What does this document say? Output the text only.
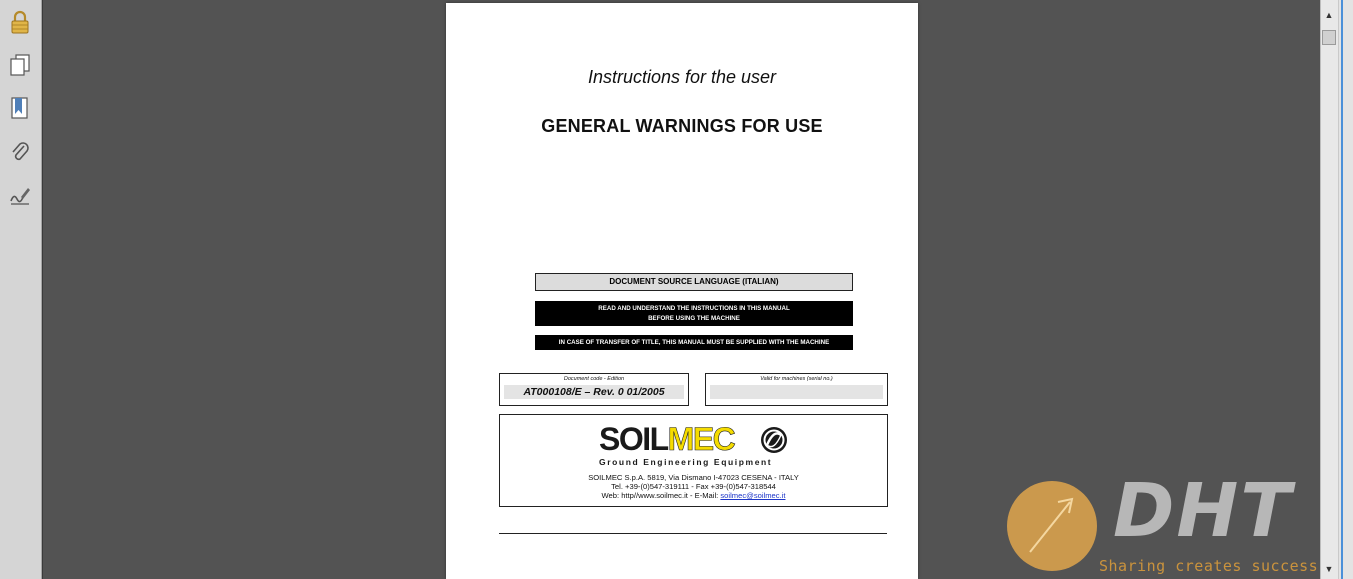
Instructions for the user
GENERAL WARNINGS FOR USE
DOCUMENT SOURCE LANGUAGE (ITALIAN)
READ AND UNDERSTAND THE INSTRUCTIONS IN THIS MANUAL
BEFORE USING THE MACHINE
IN CASE OF TRANSFER OF TITLE, THIS MANUAL MUST BE SUPPLIED WITH THE MACHINE
Document code - Edition
AT000108/E – Rev. 0 01/2005
Valid for machines (serial no.)
SOIL MEC
Ground Engineering Equipment
SOILMEC S.p.A. 5819, Via Dismano I-47023 CESENA - ITALY
Tel. +39-(0)547-319111 - Fax +39-(0)547-318544
Web: http//www.soilmec.it - E-Mail: soilmec@soilmec.it
▲
▼
DHT
Sharing creates success
